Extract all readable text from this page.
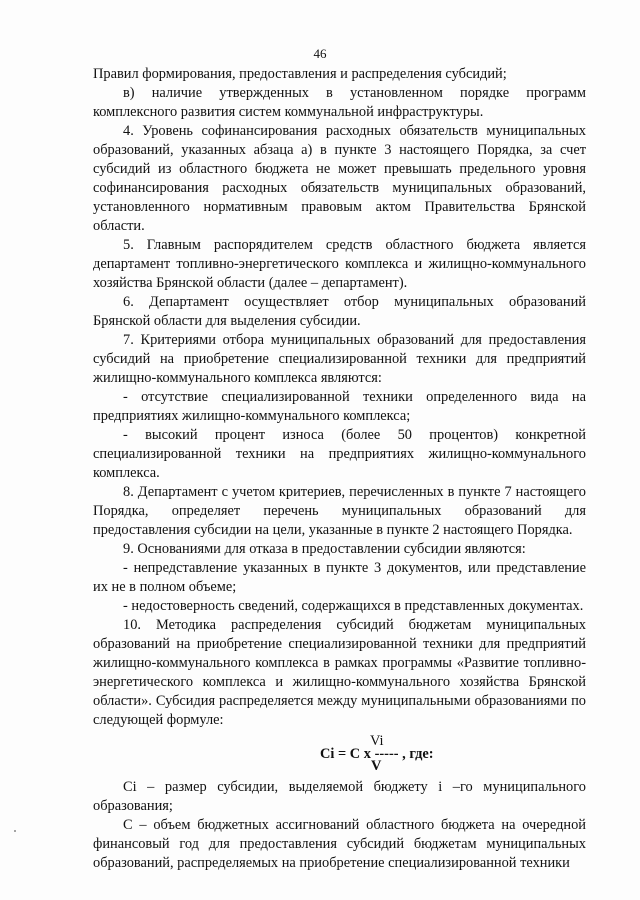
46

Правил формирования, предоставления и распределения субсидий;

в) наличие утвержденных в установленном порядке программ комплексного развития систем коммунальной инфраструктуры.

4. Уровень софинансирования расходных обязательств муниципальных образований, указанных абзаца а) в пункте 3 настоящего Порядка, за счет субсидий из областного бюджета не может превышать предельного уровня софинансирования расходных обязательств муниципальных образований, установленного нормативным правовым актом Правительства Брянской области.

5. Главным распорядителем средств областного бюджета является департамент топливно-энергетического комплекса и жилищно-коммунального хозяйства Брянской области (далее – департамент).

6. Департамент осуществляет отбор муниципальных образований Брянской области для выделения субсидии.

7. Критериями отбора муниципальных образований для предоставления субсидий на приобретение специализированной техники для предприятий жилищно-коммунального комплекса являются:

- отсутствие специализированной техники определенного вида на предприятиях жилищно-коммунального комплекса;

- высокий процент износа (более 50 процентов) конкретной специализированной техники на предприятиях жилищно-коммунального комплекса.

8. Департамент с учетом критериев, перечисленных в пункте 7 настоящего Порядка, определяет перечень муниципальных образований для предоставления субсидии на цели, указанные в пункте 2 настоящего Порядка.

9. Основаниями для отказа в предоставлении субсидии являются:

- непредставление указанных в пункте 3 документов, или представление их не в полном объеме;

- недостоверность сведений, содержащихся в представленных документах.

10. Методика распределения субсидий бюджетам муниципальных образований на приобретение специализированной техники для предприятий жилищно-коммунального комплекса в рамках программы «Развитие топливно-энергетического комплекса и жилищно-коммунального хозяйства Брянской области». Субсидия распределяется между муниципальными образованиями по следующей формуле:

Vi
Ci = C x ----- , где:
V

Ci – размер субсидии, выделяемой бюджету i –го муниципального образования;

С – объем бюджетных ассигнований областного бюджета на очередной финансовый год для предоставления субсидий бюджетам муниципальных образований, распределяемых на приобретение специализированной техники
